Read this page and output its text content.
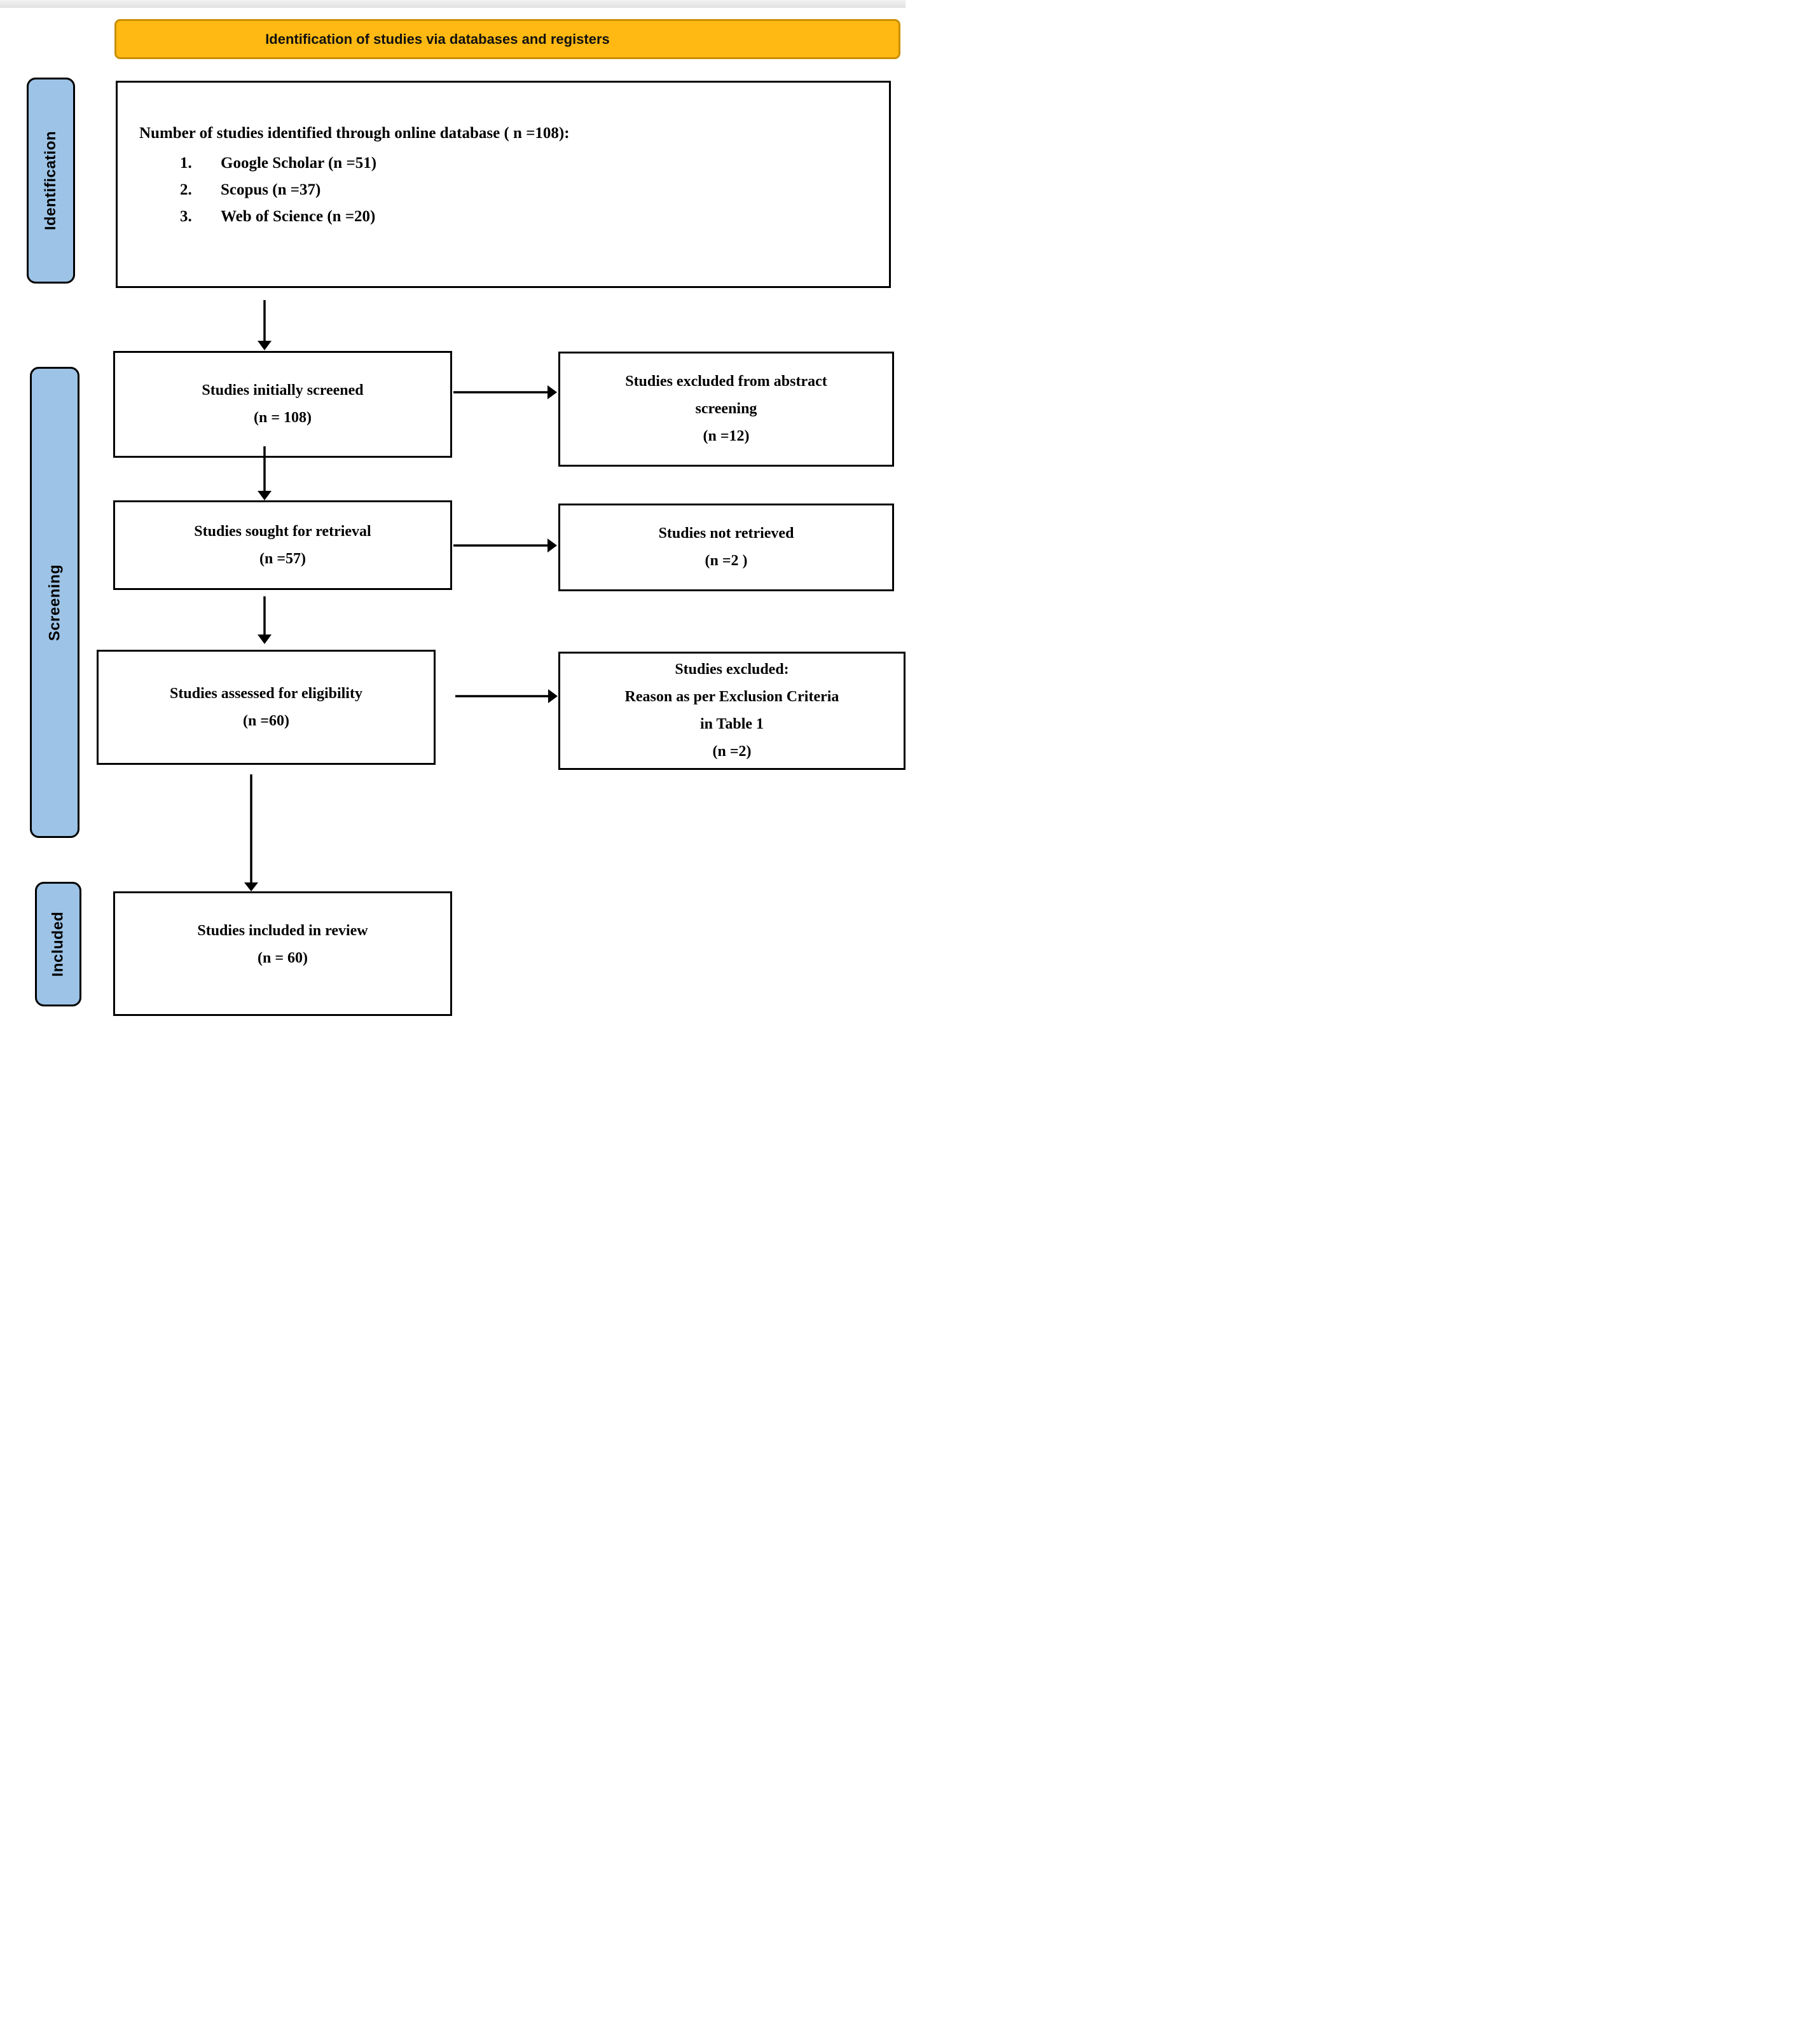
Identification of studies via databases and registers
Identification
Screening
Included
Number of studies identified through online database ( n =108):
1.	Google Scholar (n =51)
2.	Scopus (n =37)
3.	Web of Science (n =20)
Studies initially screened
(n = 108)
Studies excluded from abstract
screening
(n =12)
Studies sought for retrieval
(n =57)
Studies not retrieved
(n =2 )
Studies assessed for eligibility
(n =60)
Studies excluded:
Reason as per Exclusion Criteria
in Table 1
(n =2)
Studies included in review
(n = 60)
